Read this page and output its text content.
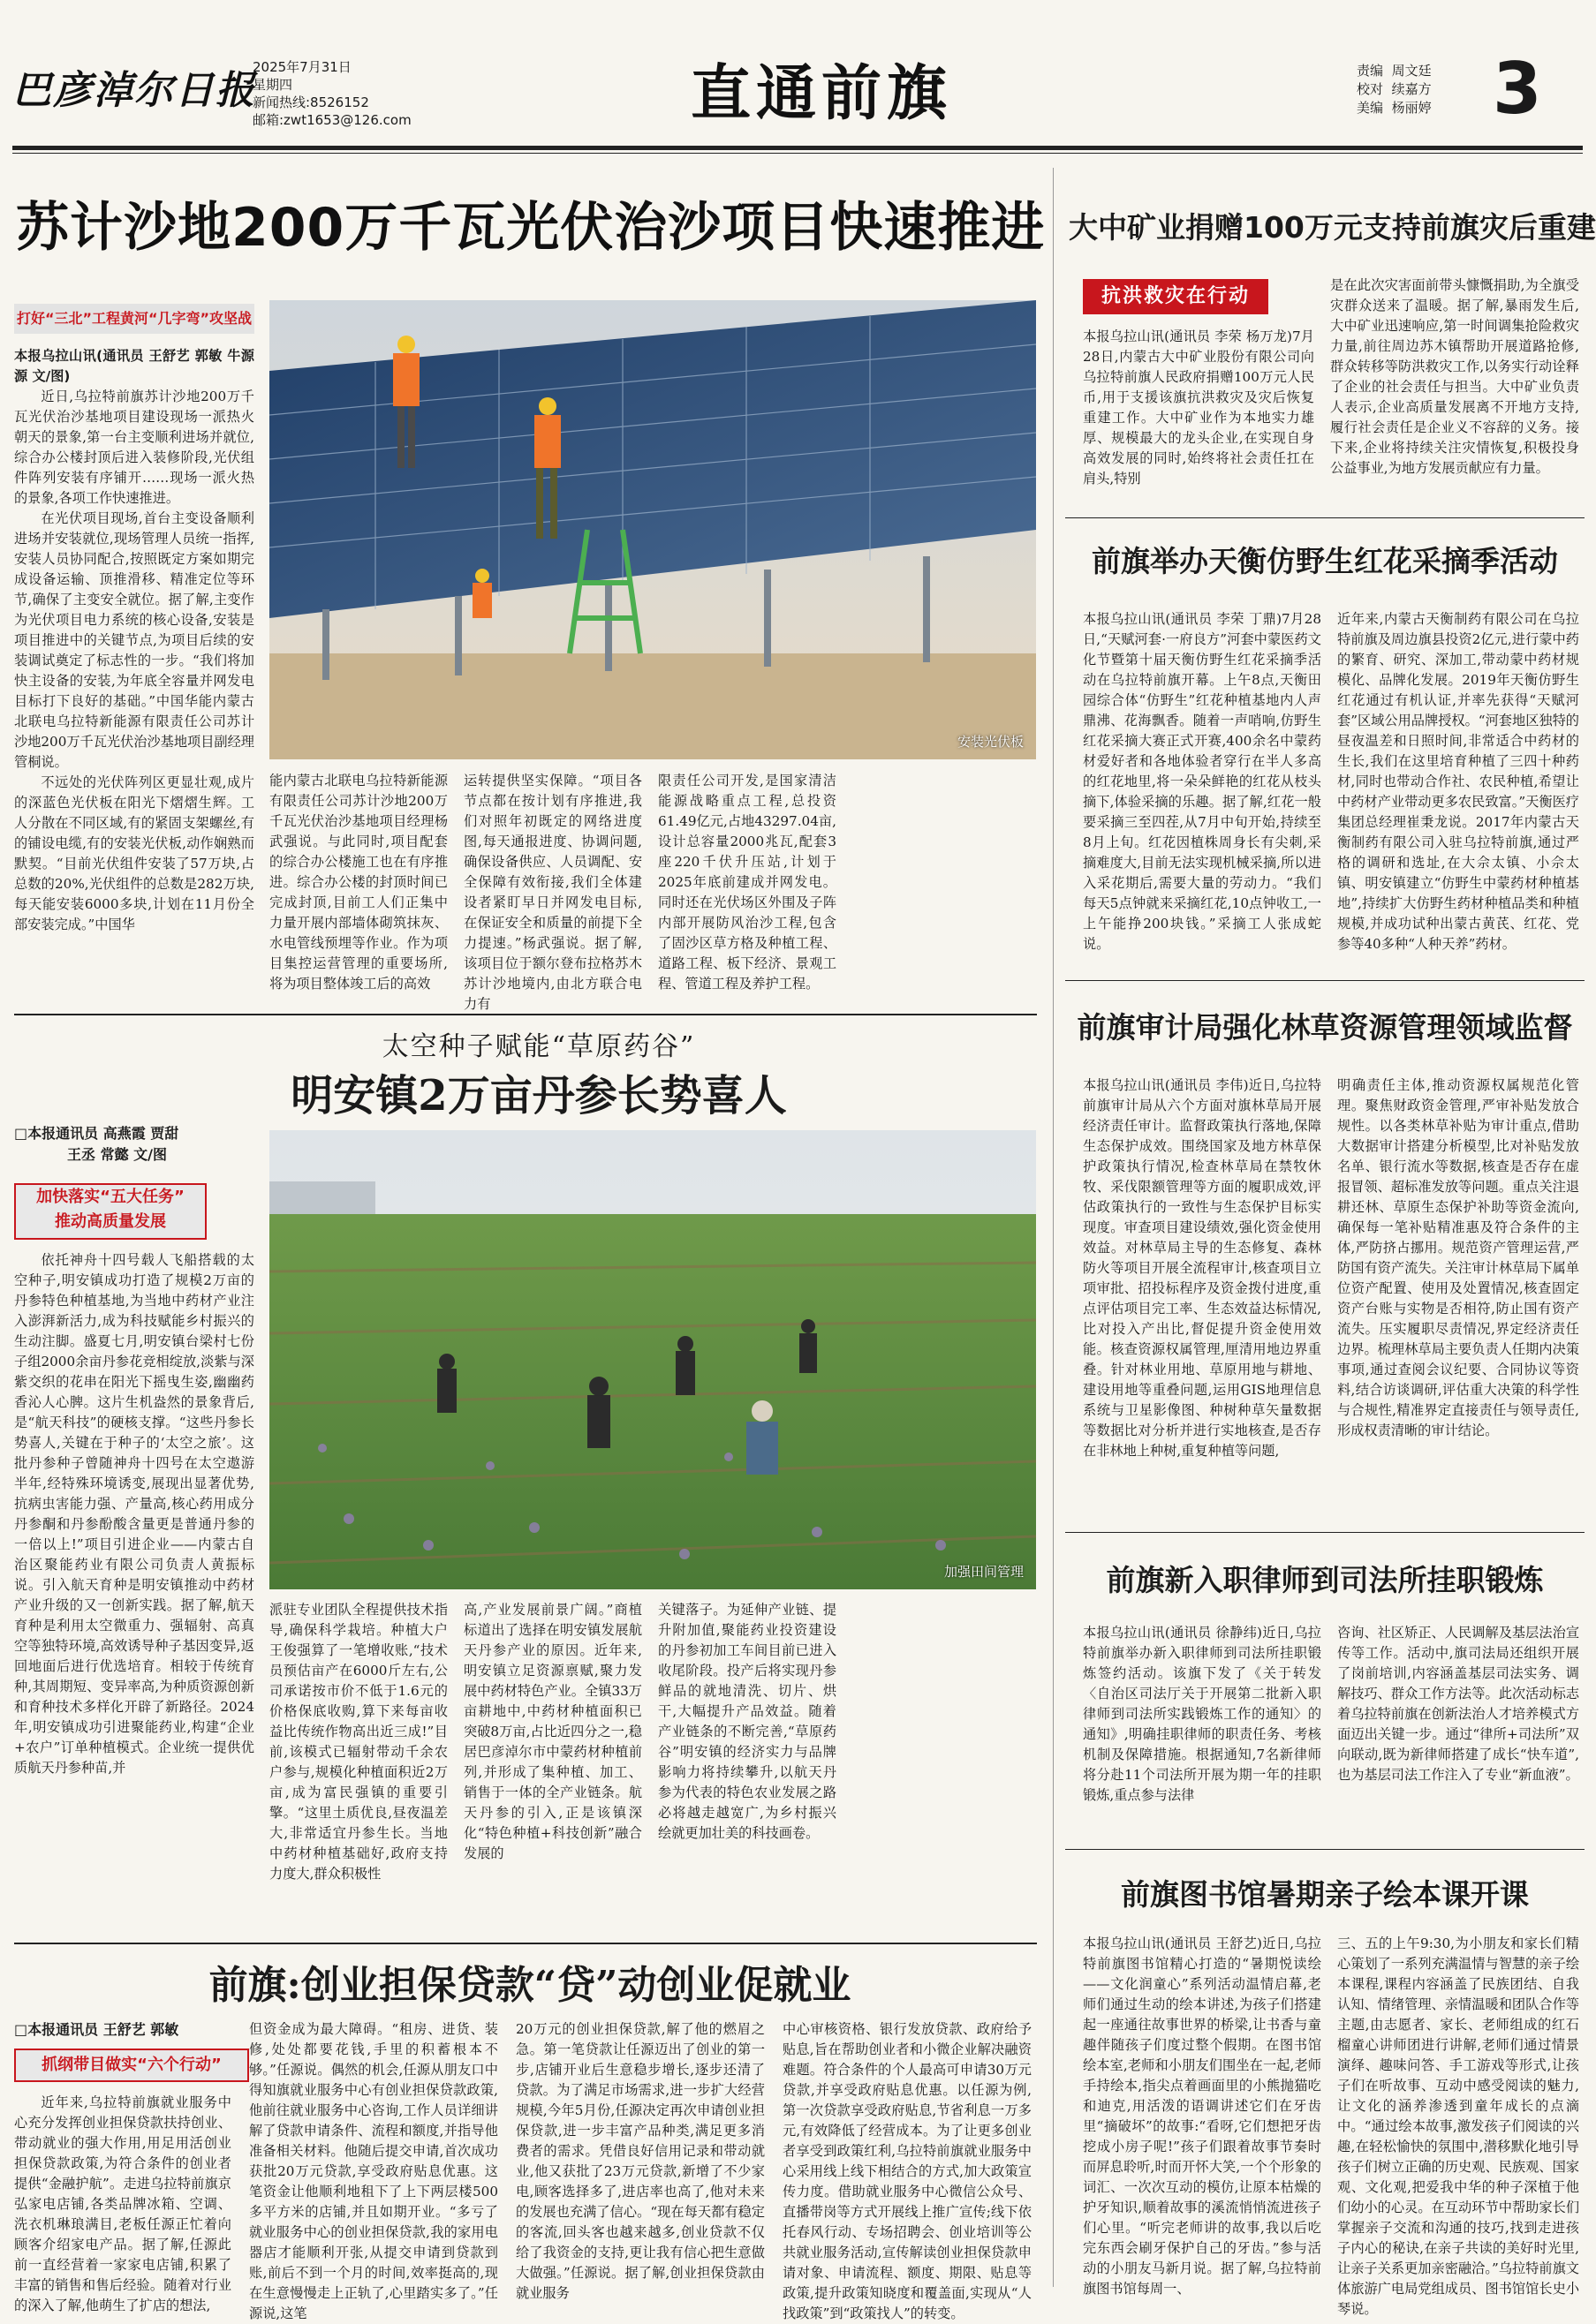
巴彦淖尔日报
2025年7月31日
星期四
新闻热线:8526152
邮箱:zwt1653@126.com	直通前旗	责编 周文廷
校对 续嘉方
美编 杨丽婷 3
苏计沙地200万千瓦光伏治沙项目快速推进
打好“三北”工程黄河“几字弯”攻坚战

本报乌拉山讯(通讯员 王舒艺 郭敏 牛源源 文/图)

近日,乌拉特前旗苏计沙地200万千瓦光伏治沙基地项目建设现场一派热火朝天的景象,第一台主变顺利进场并就位,综合办公楼封顶后进入装修阶段,光伏组件阵列安装有序铺开……现场一派火热的景象,各项工作快速推进。

在光伏项目现场,首台主变设备顺利进场并安装就位,现场管理人员统一指挥,安装人员协同配合,按照既定方案如期完成设备运输、顶推滑移、精准定位等环节,确保了主变安全就位。据了解,主变作为光伏项目电力系统的核心设备,安装是项目推进中的关键节点,为项目后续的安装调试奠定了标志性的一步。“我们将加快主设备的安装,为年底全容量并网发电目标打下良好的基础。”中国华能内蒙古北联电乌拉特新能源有限责任公司苏计沙地200万千瓦光伏治沙基地项目副经理管桐说。

不远处的光伏阵列区更显壮观,成片的深蓝色光伏板在阳光下熠熠生辉。工人分散在不同区域,有的紧固支架螺丝,有的铺设电缆,有的安装光伏板,动作娴熟而默契。“目前光伏组件安装了57万块,占总数的20%,光伏组件的总数是282万块,每天能安装6000多块,计划在11月份全部安装完成。”中国华

安装光伏板

能内蒙古北联电乌拉特新能源有限责任公司苏计沙地200万千瓦光伏治沙基地项目经理杨武强说。与此同时,项目配套的综合办公楼施工也在有序推进。综合办公楼的封顶时间已完成封顶,目前工人们正集中力量开展内部墙体砌筑抹灰、水电管线预埋等作业。作为项目集控运营管理的重要场所,将为项目整体竣工后的高效

运转提供坚实保障。“项目各节点都在按计划有序推进,我们对照年初既定的网络进度图,每天通报进度、协调问题,确保设备供应、人员调配、安全保障有效衔接,我们全体建设者紧盯早日并网发电目标,在保证安全和质量的前提下全力提速。”杨武强说。据了解,该项目位于额尔登布拉格苏木苏计沙地境内,由北方联合电力有

限责任公司开发,是国家清洁能源战略重点工程,总投资61.49亿元,占地43297.04亩,设计总容量2000兆瓦,配套3座220千伏升压站,计划于2025年底前建成并网发电。同时还在光伏场区外围及子阵内部开展防风治沙工程,包含了固沙区草方格及种植工程、道路工程、板下经济、景观工程、管道工程及养护工程。

太空种子赋能“草原药谷”
明安镇2万亩丹参长势喜人
□本报通讯员 高燕霞 贾甜
王丞 常懿 文/图
加快落实“五大任务”
推动高质量发展

依托神舟十四号载人飞船搭载的太空种子,明安镇成功打造了规模2万亩的丹参特色种植基地,为当地中药材产业注入澎湃新活力,成为科技赋能乡村振兴的生动注脚。盛夏七月,明安镇台梁村七份子组2000余亩丹参花竞相绽放,淡紫与深紫交织的花串在阳光下摇曳生姿,幽幽药香沁人心脾。这片生机盎然的景象背后,是“航天科技”的硬核支撑。“这些丹参长势喜人,关键在于种子的‘太空之旅’。这批丹参种子曾随神舟十四号在太空遨游半年,经特殊环境诱变,展现出显著优势,抗病虫害能力强、产量高,核心药用成分丹参酮和丹参酚酸含量更是普通丹参的一倍以上!”项目引进企业——内蒙古自治区聚能药业有限公司负责人黄振标说。引入航天育种是明安镇推动中药材产业升级的又一创新实践。据了解,航天育种是利用太空微重力、强辐射、高真空等独特环境,高效诱导种子基因变异,返回地面后进行优选培育。相较于传统育种,其周期短、变异率高,为种质资源创新和育种技术多样化开辟了新路径。2024年,明安镇成功引进聚能药业,构建“企业+农户”订单种植模式。企业统一提供优质航天丹参种苗,并

加强田间管理

派驻专业团队全程提供技术指导,确保科学栽培。种植大户王俊强算了一笔增收账,“技术员预估亩产在6000斤左右,公司承诺按市价不低于1.6元的价格保底收购,算下来每亩收益比传统作物高出近三成!”目前,该模式已辐射带动千余农户参与,规模化种植面积近2万亩,成为富民强镇的重要引擎。“这里土质优良,昼夜温差大,非常适宜丹参生长。当地中药材种植基础好,政府支持力度大,群众积极性

高,产业发展前景广阔。”商植标道出了选择在明安镇发展航天丹参产业的原因。近年来,明安镇立足资源禀赋,聚力发展中药材特色产业。全镇33万亩耕地中,中药材种植面积已突破8万亩,占比近四分之一,稳居巴彦淖尔市中蒙药材种植前列,并形成了集种植、加工、销售于一体的全产业链条。航天丹参的引入,正是该镇深化“特色种植+科技创新”融合发展的

关键落子。为延伸产业链、提升附加值,聚能药业投资建设的丹参初加工车间目前已进入收尾阶段。投产后将实现丹参鲜品的就地清洗、切片、烘干,大幅提升产品效益。随着产业链条的不断完善,“草原药谷”明安镇的经济实力与品牌影响力将持续攀升,以航天丹参为代表的特色农业发展之路必将越走越宽广,为乡村振兴绘就更加壮美的科技画卷。

前旗:创业担保贷款“贷”动创业促就业
□本报通讯员 王舒艺 郭敏
抓纲带目做实“六个行动”

近年来,乌拉特前旗就业服务中心充分发挥创业担保贷款扶持创业、带动就业的强大作用,用足用活创业担保贷款政策,为符合条件的创业者提供“金融护航”。走进乌拉特前旗京弘家电店铺,各类品牌冰箱、空调、洗衣机琳琅满目,老板任源正忙着向顾客介绍家电产品。据了解,任源此前一直经营着一家家电店铺,积累了丰富的销售和售后经验。随着对行业的深入了解,他萌生了扩店的想法,

但资金成为最大障碍。“租房、进货、装修,处处都要花钱,手里的积蓄根本不够。”任源说。偶然的机会,任源从朋友口中得知旗就业服务中心有创业担保贷款政策,他前往就业服务中心咨询,工作人员详细讲解了贷款申请条件、流程和额度,并指导他准备相关材料。他随后提交申请,首次成功获批20万元贷款,享受政府贴息优惠。这笔资金让他顺利地租下了上下两层楼500多平方米的店铺,并且如期开业。“多亏了就业服务中心的创业担保贷款,我的家用电器店才能顺利开张,从提交申请到贷款到账,前后不到一个月的时间,效率挺高的,现在生意慢慢走上正轨了,心里踏实多了。”任源说,这笔

20万元的创业担保贷款,解了他的燃眉之急。第一笔贷款让任源迈出了创业的第一步,店铺开业后生意稳步增长,逐步还清了贷款。为了满足市场需求,进一步扩大经营规模,今年5月份,任源决定再次申请创业担保贷款,进一步丰富产品种类,满足更多消费者的需求。凭借良好信用记录和带动就业,他又获批了23万元贷款,新增了不少家电,顾客选择多了,进店率也高了,他对未来的发展也充满了信心。“现在每天都有稳定的客流,回头客也越来越多,创业贷款不仅给了我资金的支持,更让我有信心把生意做大做强。”任源说。据了解,创业担保贷款由就业服务

中心审核资格、银行发放贷款、政府给予贴息,旨在帮助创业者和小微企业解决融资难题。符合条件的个人最高可申请30万元贷款,并享受政府贴息优惠。以任源为例,第一次贷款享受政府贴息,节省利息一万多元,有效降低了经营成本。为了让更多创业者享受到政策红利,乌拉特前旗就业服务中心采用线上线下相结合的方式,加大政策宣传力度。借助就业服务中心微信公众号、直播带岗等方式开展线上推广宣传;线下依托春风行动、专场招聘会、创业培训等公共就业服务活动,宣传解读创业担保贷款申请对象、申请流程、额度、期限、贴息等政策,提升政策知晓度和覆盖面,实现从“人找政策”到“政策找人”的转变。

大中矿业捐赠100万元支持前旗灾后重建
抗洪救灾在行动

本报乌拉山讯(通讯员 李荣 杨万龙)7月28日,内蒙古大中矿业股份有限公司向乌拉特前旗人民政府捐赠100万元人民币,用于支援该旗抗洪救灾及灾后恢复重建工作。大中矿业作为本地实力雄厚、规模最大的龙头企业,在实现自身高效发展的同时,始终将社会责任扛在肩头,特别

是在此次灾害面前带头慷慨捐助,为全旗受灾群众送来了温暖。据了解,暴雨发生后,大中矿业迅速响应,第一时间调集抢险救灾力量,前往周边苏木镇帮助开展道路抢修,群众转移等防洪救灾工作,以务实行动诠释了企业的社会责任与担当。大中矿业负责人表示,企业高质量发展离不开地方支持,履行社会责任是企业义不容辞的义务。接下来,企业将持续关注灾情恢复,积极投身公益事业,为地方发展贡献应有力量。

前旗举办天衡仿野生红花采摘季活动

本报乌拉山讯(通讯员 李荣 丁鼎)7月28日,“天赋河套·一府良方”河套中蒙医药文化节暨第十届天衡仿野生红花采摘季活动在乌拉特前旗开幕。上午8点,天衡田园综合体“仿野生”红花种植基地内人声鼎沸、花海飘香。随着一声哨响,仿野生红花采摘大赛正式开赛,400余名中蒙药材爱好者和各地体验者穿行在半人多高的红花地里,将一朵朵鲜艳的红花从枝头摘下,体验采摘的乐趣。据了解,红花一般要采摘三至四茬,从7月中旬开始,持续至8月上旬。红花因植株周身长有尖刺,采摘难度大,目前无法实现机械采摘,所以进入采花期后,需要大量的劳动力。“我们每天5点钟就来采摘红花,10点钟收工,一上午能挣200块钱。”采摘工人张成蛇说。

近年来,内蒙古天衡制药有限公司在乌拉特前旗及周边旗县投资2亿元,进行蒙中药的繁育、研究、深加工,带动蒙中药材规模化、品牌化发展。2019年天衡仿野生红花通过有机认证,并率先获得“天赋河套”区域公用品牌授权。“河套地区独特的昼夜温差和日照时间,非常适合中药材的生长,我们在这里培育种植了三四十种药材,同时也带动合作社、农民种植,希望让中药材产业带动更多农民致富。”天衡医疗集团总经理崔秉龙说。2017年内蒙古天衡制药有限公司入驻乌拉特前旗,通过严格的调研和选址,在大佘太镇、小佘太镇、明安镇建立“仿野生中蒙药材种植基地”,持续扩大仿野生药材种植品类和种植规模,并成功试种出蒙古黄芪、红花、党参等40多种“人种天养”药材。

前旗审计局强化林草资源管理领域监督

本报乌拉山讯(通讯员 李伟)近日,乌拉特前旗审计局从六个方面对旗林草局开展经济责任审计。监督政策执行落地,保障生态保护成效。围绕国家及地方林草保护政策执行情况,检查林草局在禁牧休牧、采伐限额管理等方面的履职成效,评估政策执行的一致性与生态保护目标实现度。审查项目建设绩效,强化资金使用效益。对林草局主导的生态修复、森林防火等项目开展全流程审计,核查项目立项审批、招投标程序及资金拨付进度,重点评估项目完工率、生态效益达标情况,比对投入产出比,督促提升资金使用效能。核查资源权属管理,厘清用地边界重叠。针对林业用地、草原用地与耕地、建设用地等重叠问题,运用GIS地理信息系统与卫星影像图、种树种草矢量数据等数据比对分析并进行实地核查,是否存在非林地上种树,重复种植等问题,

明确责任主体,推动资源权属规范化管理。聚焦财政资金管理,严审补贴发放合规性。以各类林草补贴为审计重点,借助大数据审计搭建分析模型,比对补贴发放名单、银行流水等数据,核查是否存在虚报冒领、超标准发放等问题。重点关注退耕还林、草原生态保护补助等资金流向,确保每一笔补贴精准惠及符合条件的主体,严防挤占挪用。规范资产管理运营,严防国有资产流失。关注审计林草局下属单位资产配置、使用及处置情况,核查固定资产台账与实物是否相符,防止国有资产流失。压实履职尽责情况,界定经济责任边界。梳理林草局主要负责人任期内决策事项,通过查阅会议纪要、合同协议等资料,结合访谈调研,评估重大决策的科学性与合规性,精准界定直接责任与领导责任,形成权责清晰的审计结论。

前旗新入职律师到司法所挂职锻炼

本报乌拉山讯(通讯员 徐静纬)近日,乌拉特前旗举办新入职律师到司法所挂职锻炼签约活动。该旗下发了《关于转发〈自治区司法厅关于开展第二批新入职律师到司法所实践锻炼工作的通知〉的通知》,明确挂职律师的职责任务、考核机制及保障措施。根据通知,7名新律师将分赴11个司法所开展为期一年的挂职锻炼,重点参与法律

咨询、社区矫正、人民调解及基层法治宣传等工作。活动中,旗司法局还组织开展了岗前培训,内容涵盖基层司法实务、调解技巧、群众工作方法等。此次活动标志着乌拉特前旗在创新法治人才培养模式方面迈出关键一步。通过“律所+司法所”双向联动,既为新律师搭建了成长“快车道”,也为基层司法工作注入了专业“新血液”。

前旗图书馆暑期亲子绘本课开课

本报乌拉山讯(通讯员 王舒艺)近日,乌拉特前旗图书馆精心打造的“暑期悦读绘——文化润童心”系列活动温情启幕,老师们通过生动的绘本讲述,为孩子们搭建起一座通往故事世界的桥梁,让书香与童趣伴随孩子们度过整个假期。在图书馆绘本室,老师和小朋友们围坐在一起,老师手持绘本,指尖点着画面里的小熊抛猫吃和迪克,用活泼的语调讲述它们在牙齿里“摘破坏”的故事:“看呀,它们想把牙齿挖成小房子呢!”孩子们跟着故事节奏时而屏息聆听,时而开怀大笑,一个个形象的词汇、一次次互动的模仿,让原本枯燥的护牙知识,顺着故事的溪流悄悄流进孩子们心里。“听完老师讲的故事,我以后吃完东西会刷牙保护自己的牙齿。”参与活动的小朋友马新月说。据了解,乌拉特前旗图书馆每周一、

三、五的上午9:30,为小朋友和家长们精心策划了一系列充满温情与智慧的亲子绘本课程,课程内容涵盖了民族团结、自我认知、情绪管理、亲情温暖和团队合作等主题,由志愿者、家长、老师组成的红石榴童心讲师团进行讲解,老师们通过情景演绎、趣味问答、手工游戏等形式,让孩子们在听故事、互动中感受阅读的魅力,让文化的涵养渗透到童年成长的点滴中。“通过绘本故事,激发孩子们阅读的兴趣,在轻松愉快的氛围中,潜移默化地引导孩子们树立正确的历史观、民族观、国家观、文化观,把爱我中华的种子深植于他们幼小的心灵。在互动环节中帮助家长们掌握亲子交流和沟通的技巧,找到走进孩子内心的秘诀,在亲子共读的美好时光里,让亲子关系更加亲密融洽。”乌拉特前旗文体旅游广电局党组成员、图书馆馆长史小琴说。
